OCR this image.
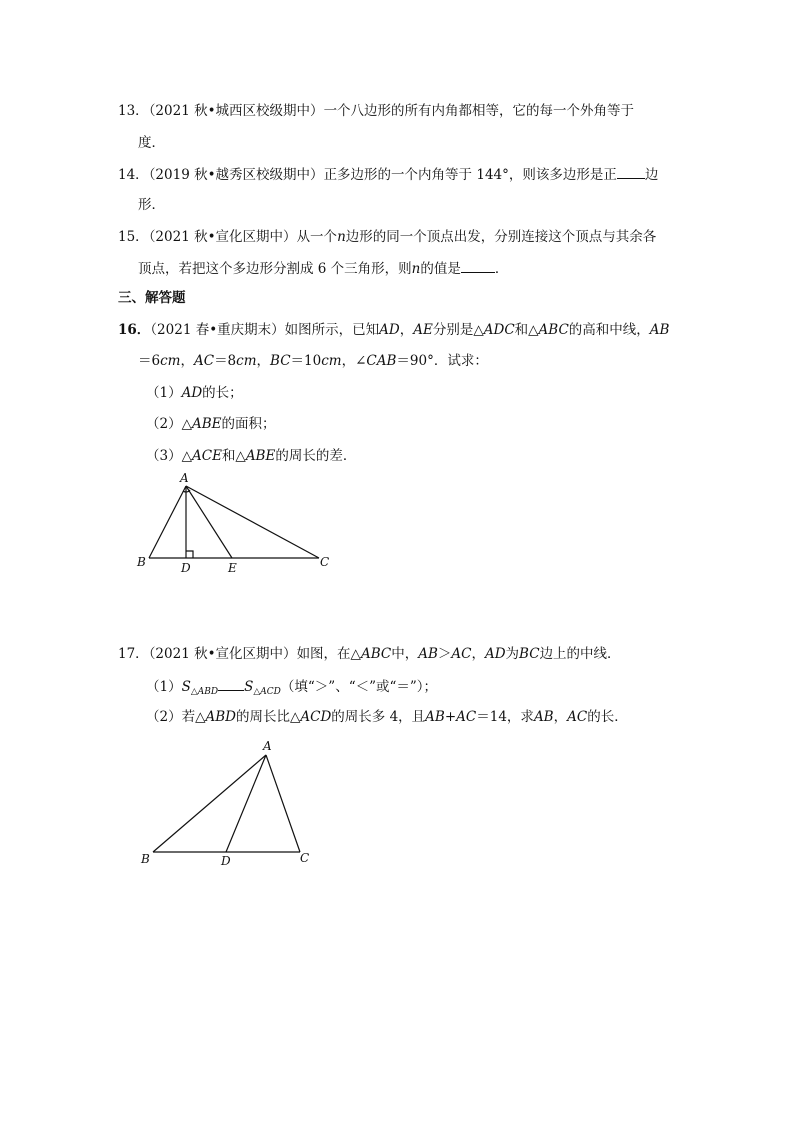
13．（2021 秋•城西区校级期中）一个八边形的所有内角都相等，它的每一个外角等于
度．
14．（2019 秋•越秀区校级期中）正多边形的一个内角等于 144°，则该多边形是正 边
形．
15．（2021 秋•宣化区期中）从一个n边形的同一个顶点出发，分别连接这个顶点与其余各
顶点，若把这个多边形分割成 6 个三角形，则n的值是	．
三、解答题
16．（2021 春•重庆期末）如图所示，已知AD，AE分别是△ADC和△ABC的高和中线，AB
＝6cm，AC＝8cm，BC＝10cm，∠CAB＝90°．试求：
（1）AD的长；
（2）△ABE的面积；
（3）△ACE和△ABE的周长的差．
A
B	D	E	C
17．（2021 秋•宣化区期中）如图，在△ABC中，AB＞AC，AD为BC边上的中线．
$(1)S_{\triangle ABD}$ $S_{\triangle ACD}$（填“＞”、“＜”或“＝”）；
（2）若△ABD的周长比△ACD的周长多 4，且AB+AC＝14，求AB，AC的长．
A
B	D	C
